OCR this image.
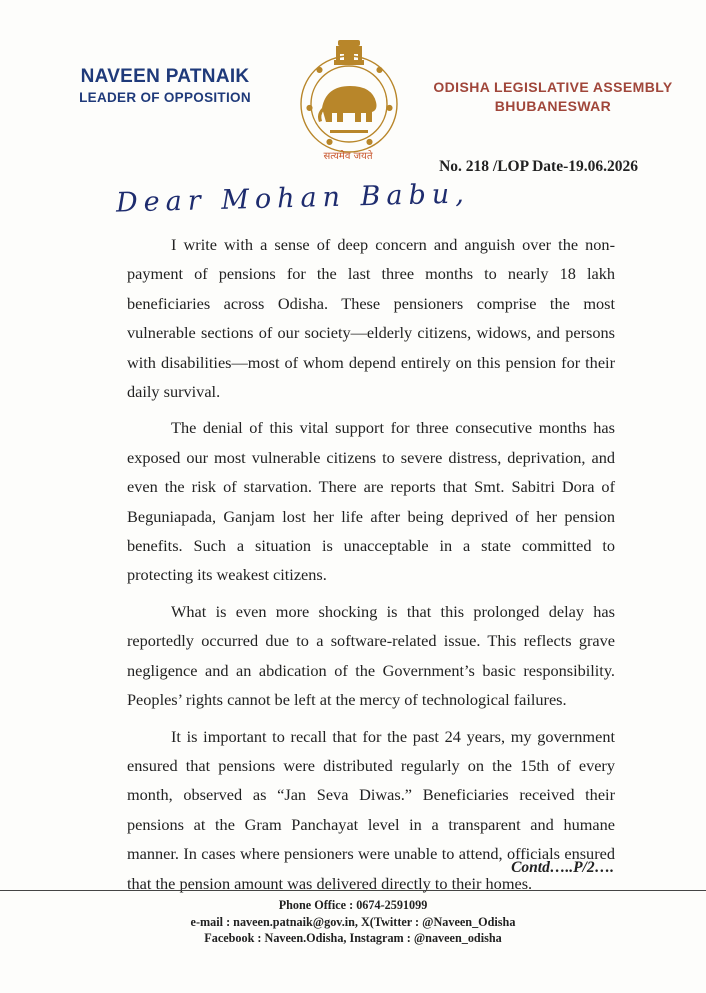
NAVEEN PATNAIK
LEADER OF OPPOSITION
●	●
●	●
●	●
सत्यमेव जयते
ODISHA LEGISLATIVE ASSEMBLY
BHUBANESWAR
No. 218 /LOP Date-19.06.2026
Dear Mohan Babu,

I write with a sense of deep concern and anguish over the non-payment of pensions for the last three months to nearly 18 lakh beneficiaries across Odisha. These pensioners comprise the most vulnerable sections of our society—elderly citizens, widows, and persons with disabilities—most of whom depend entirely on this pension for their daily survival.

The denial of this vital support for three consecutive months has exposed our most vulnerable citizens to severe distress, deprivation, and even the risk of starvation. There are reports that Smt. Sabitri Dora of Beguniapada, Ganjam lost her life after being deprived of her pension benefits. Such a situation is unacceptable in a state committed to protecting its weakest citizens.

What is even more shocking is that this prolonged delay has reportedly occurred due to a software-related issue. This reflects grave negligence and an abdication of the Government’s basic responsibility. Peoples’ rights cannot be left at the mercy of technological failures.

It is important to recall that for the past 24 years, my government ensured that pensions were distributed regularly on the 15th of every month, observed as “Jan Seva Diwas.” Beneficiaries received their pensions at the Gram Panchayat level in a transparent and humane manner. In cases where pensioners were unable to attend, officials ensured that the pension amount was delivered directly to their homes.

Contd…..P/2….
Phone Office : 0674-2591099
e-mail : naveen.patnaik@gov.in, X(Twitter : @Naveen_Odisha
Facebook : Naveen.Odisha, Instagram : @naveen_odisha
